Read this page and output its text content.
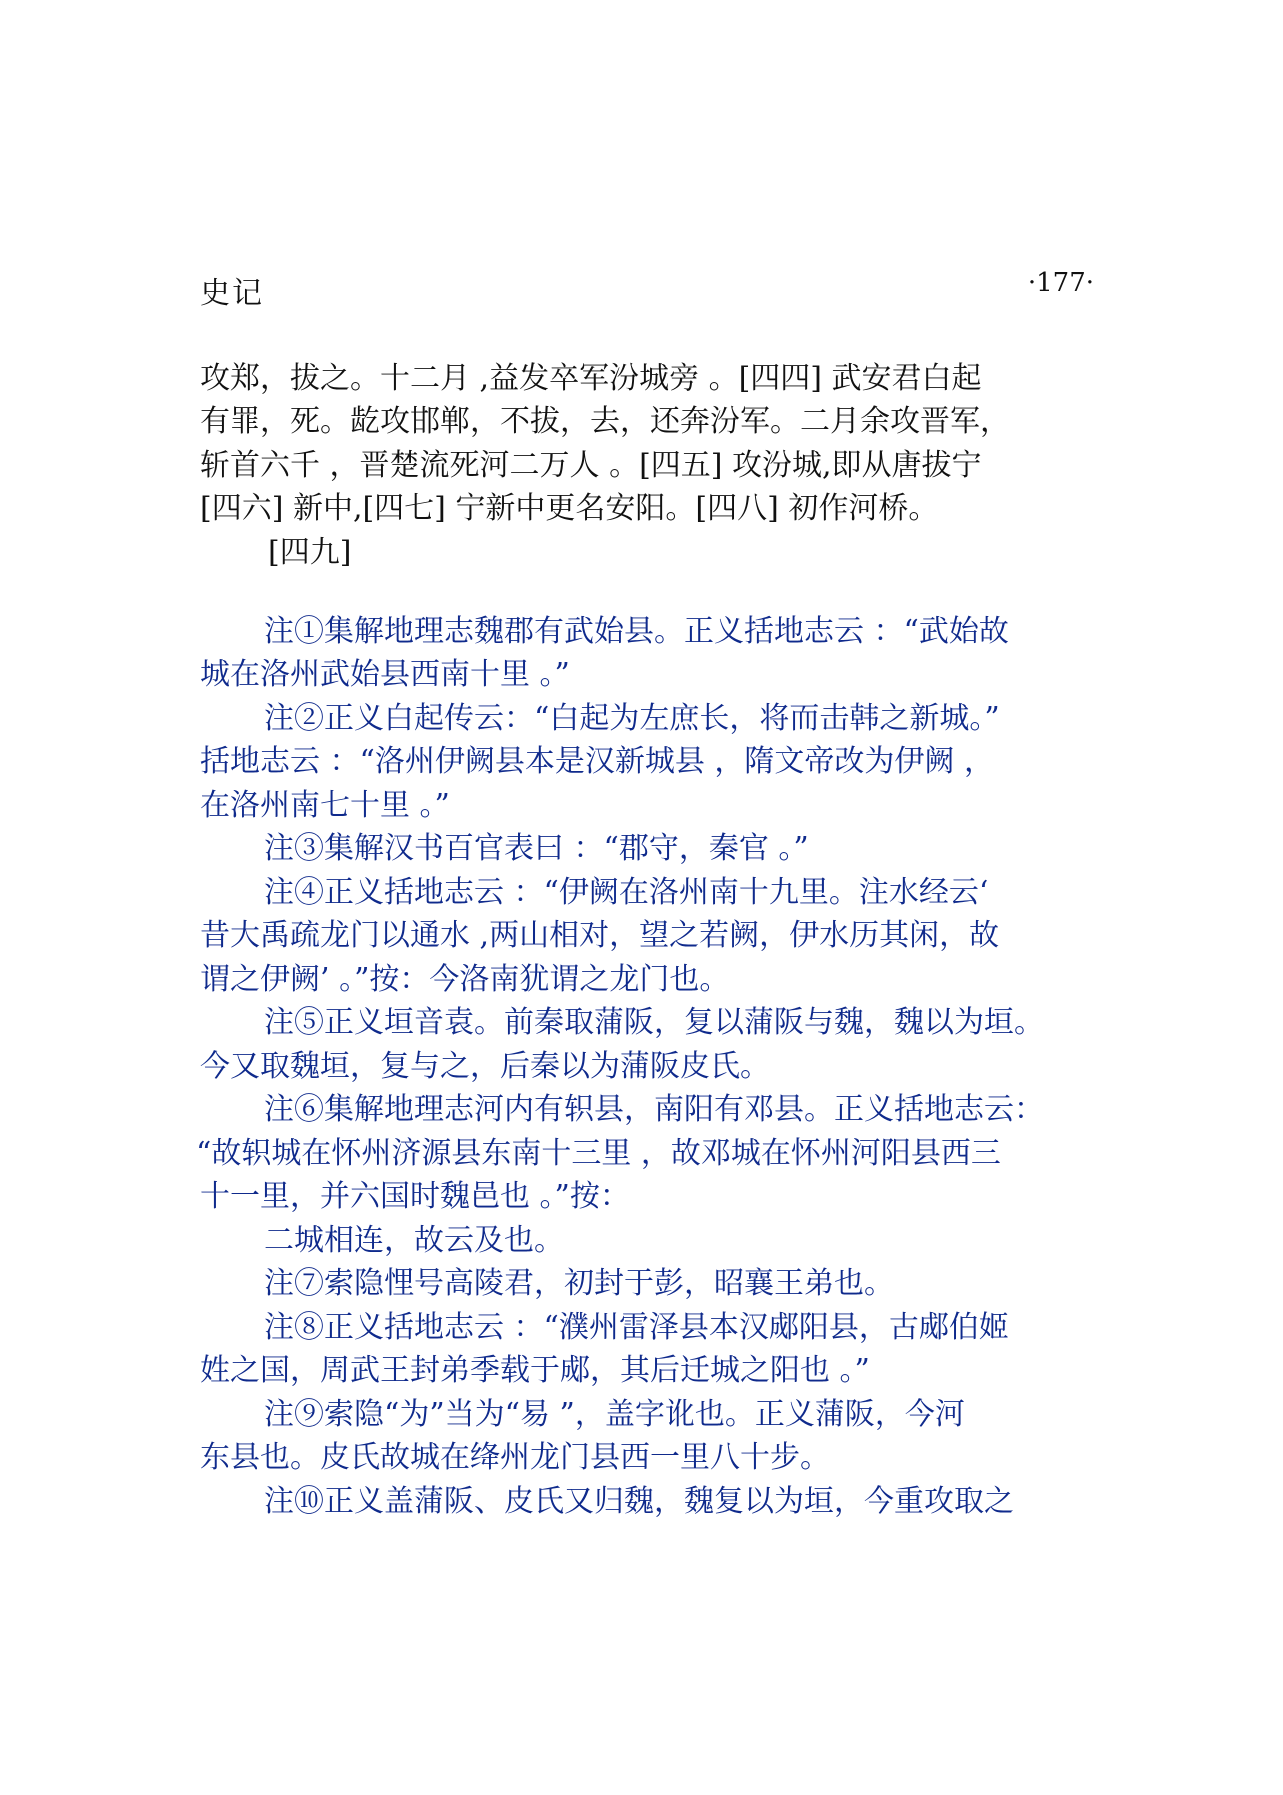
史记	·177·
攻郑，拔之。十二月 ,益发卒军汾城旁 。[四四] 武安君白起
有罪，死。龁攻邯郸，不拔，去，还奔汾军。二月余攻晋军，
斩首六千 ，晋楚流死河二万人 。[四五] 攻汾城,即从唐拔宁
[四六] 新中,[四七] 宁新中更名安阳。[四八] 初作河桥。
[四九]
注①集解地理志魏郡有武始县。正义括地志云 ：“武始故
城在洛州武始县西南十里 。”
注②正义白起传云：“白起为左庶长，将而击韩之新城。”
括地志云 ：“洛州伊阙县本是汉新城县 ，隋文帝改为伊阙 ，
在洛州南七十里 。”
注③集解汉书百官表曰 ：“郡守，秦官 。”
注④正义括地志云 ：“伊阙在洛州南十九里。注水经云‘
昔大禹疏龙门以通水 ,两山相对，望之若阙，伊水历其闲，故
谓之伊阙’ 。”按：今洛南犹谓之龙门也。
注⑤正义垣音袁。前秦取蒲阪，复以蒲阪与魏，魏以为垣。
今又取魏垣，复与之，后秦以为蒲阪皮氏。
注⑥集解地理志河内有轵县，南阳有邓县。正义括地志云：
“故轵城在怀州济源县东南十三里 ，故邓城在怀州河阳县西三
十一里，并六国时魏邑也 。”按：
二城相连，故云及也。
注⑦索隐悝号高陵君，初封于彭，昭襄王弟也。
注⑧正义括地志云 ：“濮州雷泽县本汉郕阳县，古郕伯姬
姓之国，周武王封弟季载于郕，其后迁城之阳也 。”
注⑨索隐“为”当为“易 ”，盖字讹也。正义蒲阪，今河
东县也。皮氏故城在绛州龙门县西一里八十步。
注⑩正义盖蒲阪、皮氏又归魏，魏复以为垣，今重攻取之
